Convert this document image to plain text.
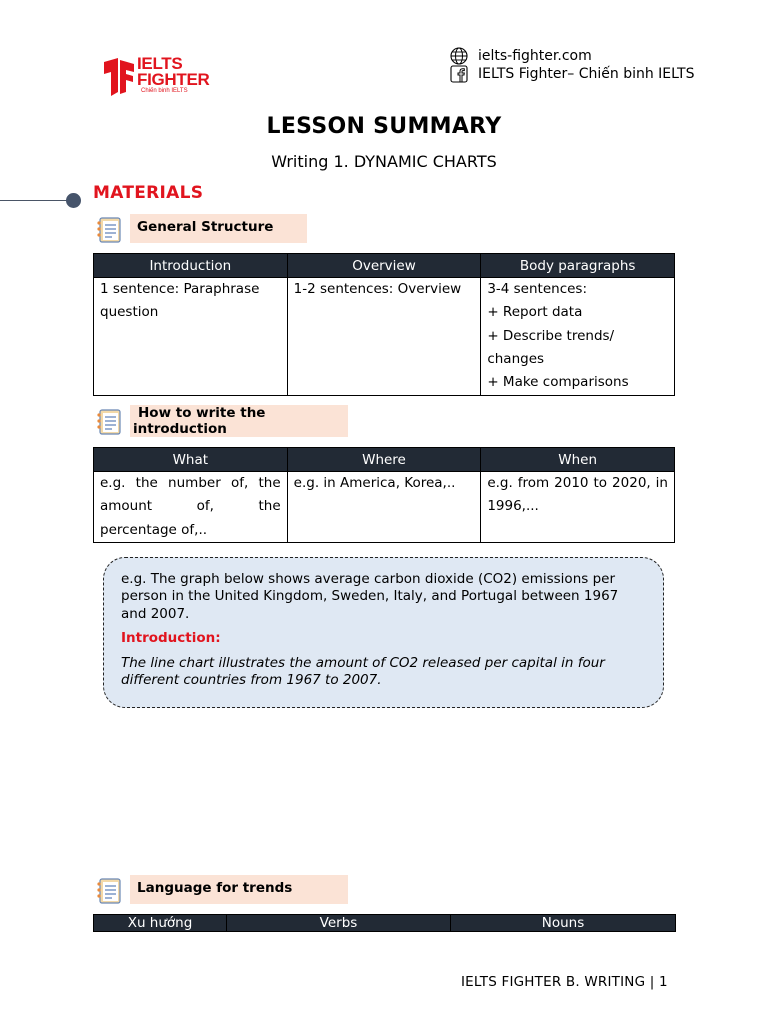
IELTS
FIGHTER
Chiến binh IELTS
ielts-fighter.com
IELTS Fighter– Chiến binh IELTS
LESSON SUMMARY
Writing 1. DYNAMIC CHARTS
MATERIALS
General Structure
Introduction	Overview	Body paragraphs
1 sentence: Paraphrase question	1-2 sentences: Overview	3-4 sentences:
+ Report data
+ Describe trends/ changes
+ Make comparisons
How to write the
introduction
What	Where	When
e.g. the number of, the amount of, the percentage of,..	e.g. in America, Korea,..	e.g. from 2010 to 2020, in 1996,...
e.g. The graph below shows average carbon dioxide (CO2) emissions per person in the United Kingdom, Sweden, Italy, and Portugal between 1967 and 2007.
Introduction:
The line chart illustrates the amount of CO2 released per capital in four different countries from 1967 to 2007.
Language for trends
Xu hướng	Verbs	Nouns
IELTS FIGHTER B. WRITING | 1
